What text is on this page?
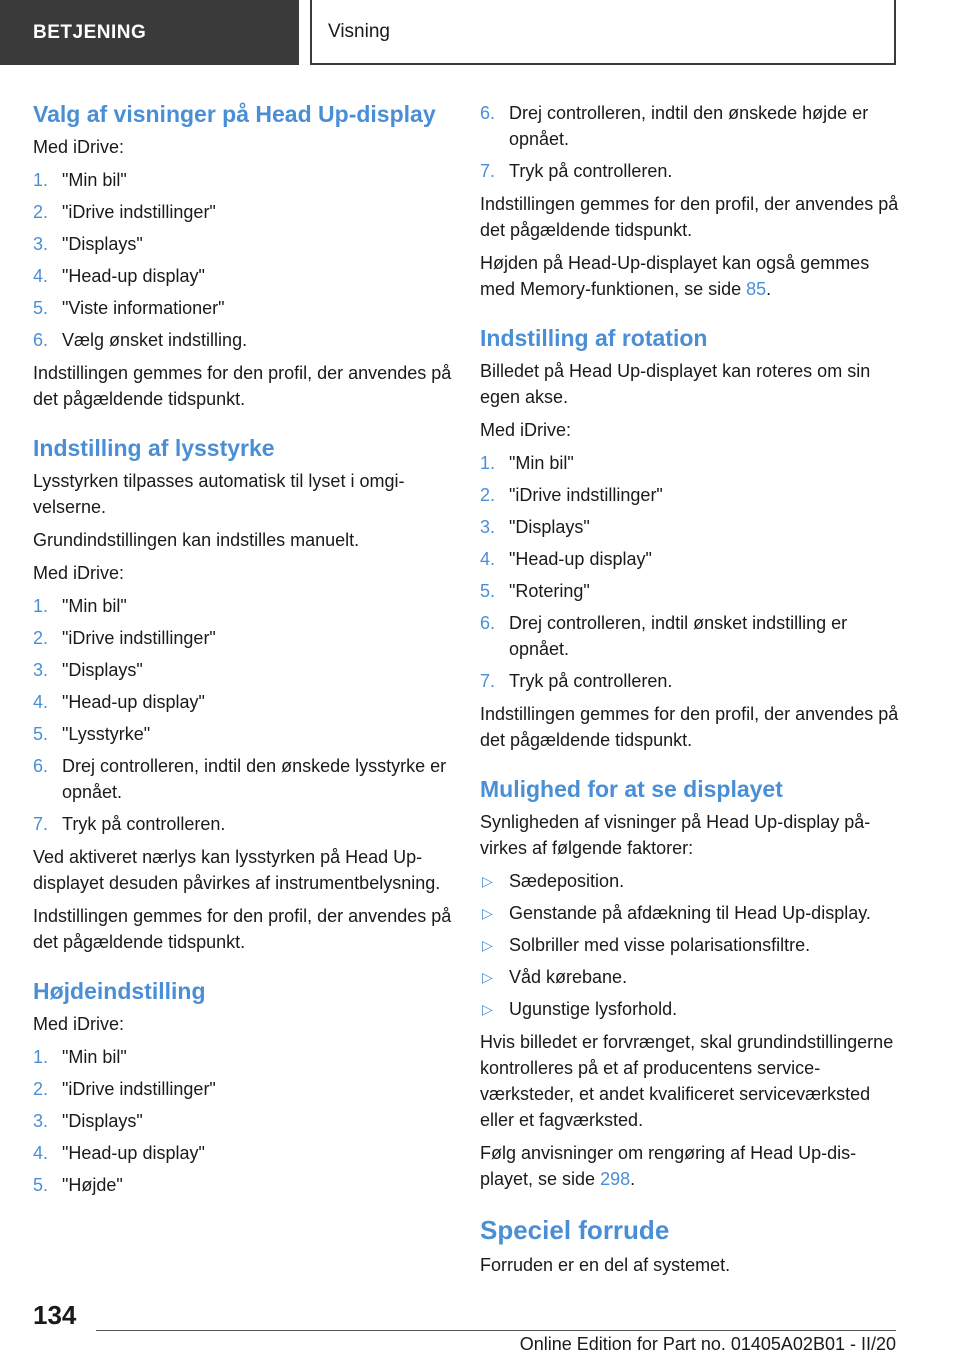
BETJENING	Visning
Valg af visninger på Head Up-display

Med iDrive:

1. "Min bil"
2. "iDrive indstillinger"
3. "Displays"
4. "Head-up display"
5. "Viste informationer"
6. Vælg ønsket indstilling.

Indstillingen gemmes for den profil, der anvendes på det pågældende tidspunkt.

Indstilling af lysstyrke

Lysstyrken tilpasses automatisk til lyset i omgivelserne.

Grundindstillingen kan indstilles manuelt.

Med iDrive:

1. "Min bil"
2. "iDrive indstillinger"
3. "Displays"
4. "Head-up display"
5. "Lysstyrke"
6. Drej controlleren, indtil den ønskede lysstyrke er opnået.
7. Tryk på controlleren.

Ved aktiveret nærlys kan lysstyrken på Head Up-displayet desuden påvirkes af instrumentbelysning.

Indstillingen gemmes for den profil, der anvendes på det pågældende tidspunkt.

Højdeindstilling

Med iDrive:

1. "Min bil"
2. "iDrive indstillinger"
3. "Displays"
4. "Head-up display"
5. "Højde"
6. Drej controlleren, indtil den ønskede højde er opnået.
7. Tryk på controlleren.

Indstillingen gemmes for den profil, der anvendes på det pågældende tidspunkt.

Højden på Head-Up-displayet kan også gemmes med Memory-funktionen, se side 85.

Indstilling af rotation

Billedet på Head Up-displayet kan roteres om sin egen akse.

Med iDrive:

1. "Min bil"
2. "iDrive indstillinger"
3. "Displays"
4. "Head-up display"
5. "Rotering"
6. Drej controlleren, indtil ønsket indstilling er opnået.
7. Tryk på controlleren.

Indstillingen gemmes for den profil, der anvendes på det pågældende tidspunkt.

Mulighed for at se displayet

Synligheden af visninger på Head Up-display påvirkes af følgende faktorer:

▷ Sædeposition.
▷ Genstande på afdækning til Head Up-display.
▷ Solbriller med visse polarisationsfiltre.
▷ Våd kørebane.
▷ Ugunstige lysforhold.

Hvis billedet er forvrænget, skal grundindstillingerne kontrolleres på et af producentens serviceværksteder, et andet kvalificeret serviceværksted eller et fagværksted.

Følg anvisninger om rengøring af Head Up-displayet, se side 298.

Speciel forrude

Forruden er en del af systemet.

134
Online Edition for Part no. 01405A02B01 - II/20
